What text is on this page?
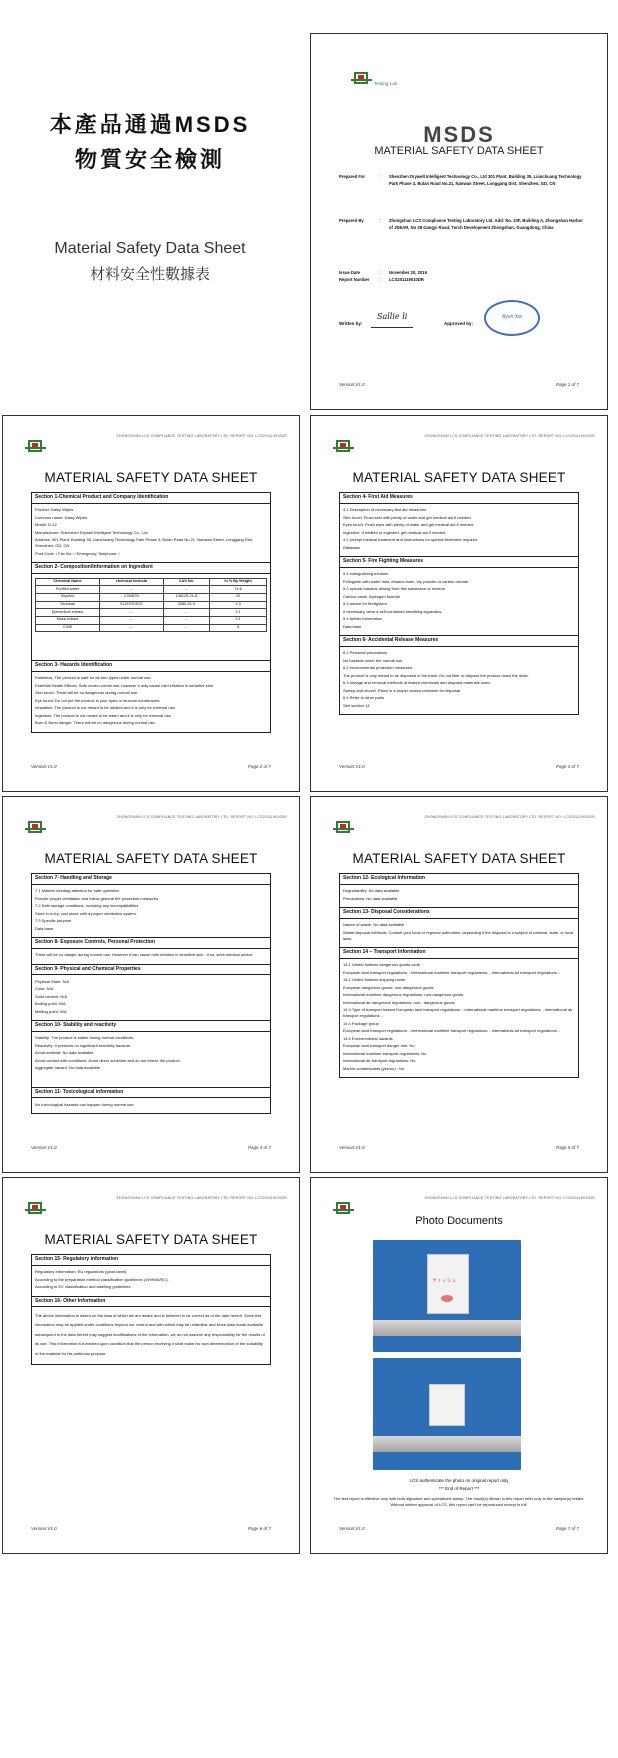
本產品通過MSDS
物質安全檢測
Material Safety Data Sheet
材料安全性數據表
Testing Lab.
MSDS
MATERIAL SAFETY DATA SHEET
Prepared For	:	Shenzhen Drywell Intelligent Technology Co., Ltd 301 Plant, Building 35, Lianchuang Technology Park Phase 3, Bulan Road No.21, Nanwan Street, Longgang Dist, Shenzhen, GD, CN
Prepared By	:	Zhongshan LCS Compliance Testing Laboratory Ltd. Add: No. 23F, Building A, Zhongshan Harbor of JDEAR, No 28 Gangyi Road, Torch Development Zhongshan, Guangdong, China
Issue Date	:	November 20, 2019
Report Number	:	LCS201119010DR
Written by:
Sallie li
Approved by:
Ayun Xie
Version:V1.0	Page 1 of 7
ZHONGSHAN LCS COMPLIANCE TESTING LABORATORY LTD. REPORT NO: LCS201119010DR
MATERIAL SAFETY DATA SHEET
Section 1-Chemical Product and Company Identification
Product: Daisy Wipes
Common name: Daisy Wipes
Model: D-12
Manufacturer: Shenzhen Drywell Intelligent Technology Co., Ltd
Address: 301 Plant, Building 35, Lianchuang Technology Park Phase 3, Bulan Road No.21, Nanwan Street, Longgang Dist, Shenzhen, GD, CN
Post Code: / Fax No.: / Emergency Telephone: /
Section 2- Composition/Information on Ingredient
Chemical Name	chemical formula	CAS No.	In % By Weight
Purified water	--	--	74.6
Glycerin	C3H8O3	146126-21-8	20
Triclosan	C12H7Cl3O2	3380-34-5	0.3
Epimedium extract	--	--	0.1
Maca extract	--	--	0.1
C040	--	--	5
Section 3- Hazards Identification
Fatalness: The product is safe for all skin types under normal use.
Potential Health Effects: Safe under normal use, however it may cause mild irritation in sensitive skin.
Skin touch: There will be no dangerous during normal use.
Eye touch: Do not put the product in your eyes or mucous membranes.
Inhalation: The product is not meant to be inhaled and it is only for external use.
Ingestion: The product is not meant to be eaten and it is only for external use.
Burn & Burst danger: There will be no dangerous during normal use.
Version:V1.0	Page 2 of 7
ZHONGSHAN LCS COMPLIANCE TESTING LABORATORY LTD. REPORT NO: LCS201119010DR
MATERIAL SAFETY DATA SHEET
Section 4- First Aid Measures
4.1 Description of necessary first aid measures
Skin touch: Flush skin with plenty of water and get medical aid if needed.
Eyes touch: Flush eyes with plenty of water and get medical aid if needed.
Ingestion: If inhaled or ingested, get medical aid if needed.
4.2 prompt medical treatment and instructions for special treatment required
Database
Section 5- Fire Fighting Measures
5.1 extinguishing medium
Extinguish with water mist, ethanol foam, dry powder or carbon dioxide.
5.2 special hazards arising from this substance or mixture
Carbon oxide, hydrogen fluoride
5.3 advice for firefighters
If necessary, wear a self-contained breathing apparatus.
5.4 further information
Data base
Section 6- Accidental Release Measures
6.1 Personal precautions
No hazards under the normal use.
6.2 environmental protection measures
The product is only meant to be disposed in the trash. Do not filter or dispose the product down the drain.
6.3 storage and removal methods of leaked chemicals and disposal materials used.
Sweep and shovel. Place in a proper closed container for disposal.
6.4 Refer to other parts
See section 13
Version:V1.0	Page 3 of 7
ZHONGSHAN LCS COMPLIANCE TESTING LABORATORY LTD. REPORT NO: LCS201119010DR
MATERIAL SAFETY DATA SHEET
Section 7- Handling and Storage
7.1 Matters needing attention for safe operation
Provide proper ventilation and follow general fire protection measures.
7.2 Safe storage conditions, including any incompatibilities
Store in a dry, cool place with a proper ventilation system.
7.3 Specific purpose
Data base
Section 8- Exposure Controls, Personal Protection
There will be no danger during normal use. However it can cause mild irritation in sensitive skin - if so, seek medical advice
Section 9- Physical and Chemical Properties
Physical State: N/A
Color: N/A
Solid content: N/A
Boiling point: N/A
Melting point: N/A
Section 10- Stability and reactivity
Stability: The product is stable during normal conditions.
Reactivity: It presents no significant reactivity hazards.
Avoid material: No data available
Avoid contact with conditions: Avoid direct sunshine and do not freeze the product.
Aggregate hazard: No data available
Section 11- Toxicological information
No toxicological hazards can happen during normal use.
Version:V1.0	Page 4 of 7
ZHONGSHAN LCS COMPLIANCE TESTING LABORATORY LTD. REPORT NO: LCS201119010DR
MATERIAL SAFETY DATA SHEET
Section 12- Ecological Information
Degradability: No data available
Precautions: No data available
Section 13- Disposal Considerations
Nature of waste: No data available
Waste disposal methods: Consult your local or regional authorities, depending if the disposal is a subject of national, state, or local laws.
Section 14 – Transport Information
14.1 United Nations dangerous goods code
European land transport regulations: - international maritime transport regulations: - international air transport regulations: -
14.2 United Nations shipping name
European dangerous goods: non-dangerous goods
International maritime dangerous regulations: non-dangerous goods
International air dangerous regulations: non - dangerous goods
14.3 Type of transport hazard European land transport regulations: - international maritime transport regulations: - international air transport regulations: -
14.4 Package group
European land transport regulations: - international maritime transport regulations: - international air transport regulations: -
14.5 Environmental hazards
European land transport danger rule: No
International maritime transport regulations: No
International air transport regulations: No
Marine contaminants (yes/no) : No
Version:V1.0	Page 5 of 7
ZHONGSHAN LCS COMPLIANCE TESTING LABORATORY LTD. REPORT NO: LCS201119010DR
MATERIAL SAFETY DATA SHEET
Section 15- Regulatory information
Regulatory Information: EU regulations (good label).
According to the preparation method classification guidelines (1999/45/EC).
According to EC classification and labelling guidelines.
Section 16- Other Information
The above information is based on the data of which we are aware and is believed to be correct as of the date hereof. Since this information may be applied under conditions beyond our control and with which may be unfamiliar and since data made available subsequent to the data hereof may suggest modifications of the information, we do not assume any responsibility for the results of its use. This information is furnished upon condition that the person receiving it shall make his own determination of the suitability of the material for his particular purpose.
Version:V1.0	Page 6 of 7
ZHONGSHAN LCS COMPLIANCE TESTING LABORATORY LTD. REPORT NO: LCS201119010DR
Photo Documents
ティッシュ
LCS authenticate the photo on original report only
*** End of Report ***
The test report is effective only with both signature and specialized stamp. The result(s) shown in this report refer only to the sample(s) tested. Without written approval of LCS, this report can't be reproduced except in full.
Version:V1.0	Page 7 of 7
